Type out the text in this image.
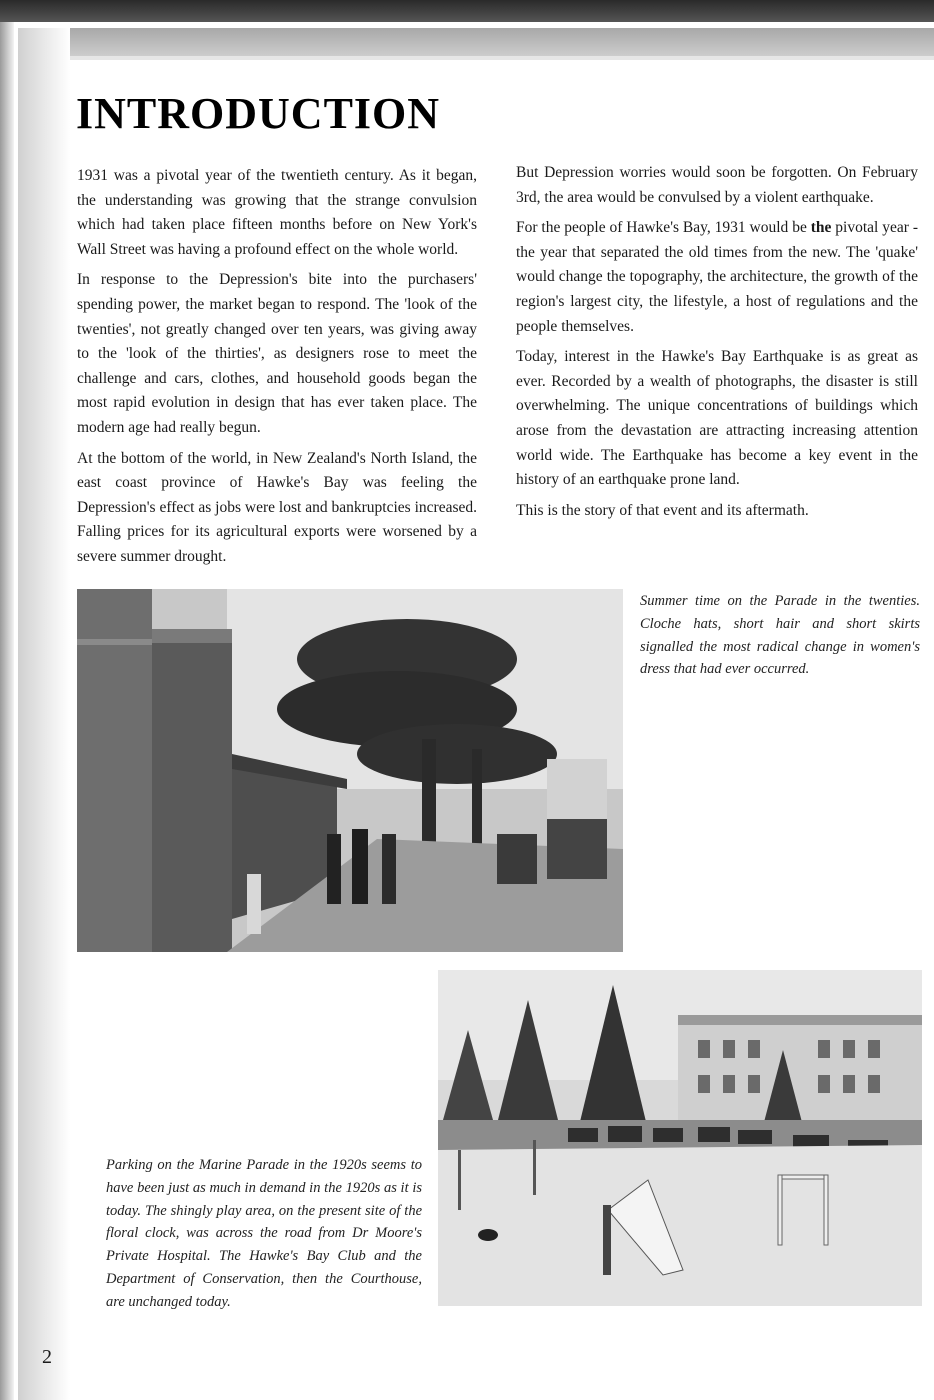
INTRODUCTION

1931 was a pivotal year of the twentieth century. As it began, the understanding was growing that the strange convulsion which had taken place fifteen months before on New York's Wall Street was having a profound effect on the whole world.

In response to the Depression's bite into the purchasers' spending power, the market began to respond. The 'look of the twenties', not greatly changed over ten years, was giving away to the 'look of the thirties', as designers rose to meet the challenge and cars, clothes, and household goods began the most rapid evolution in design that has ever taken place. The modern age had really begun.

At the bottom of the world, in New Zealand's North Island, the east coast province of Hawke's Bay was feeling the Depression's effect as jobs were lost and bankruptcies increased. Falling prices for its agricultural exports were worsened by a severe summer drought.

But Depression worries would soon be forgotten. On February 3rd, the area would be convulsed by a violent earthquake.

For the people of Hawke's Bay, 1931 would be the pivotal year - the year that separated the old times from the new. The 'quake' would change the topography, the architecture, the growth of the region's largest city, the lifestyle, a host of regulations and the people themselves.

Today, interest in the Hawke's Bay Earthquake is as great as ever. Recorded by a wealth of photographs, the disaster is still overwhelming. The unique concentrations of buildings which arose from the devastation are attracting increasing attention world wide. The Earthquake has become a key event in the history of an earthquake prone land.

This is the story of that event and its aftermath.

Summer time on the Parade in the twenties. Cloche hats, short hair and short skirts signalled the most radical change in women's dress that had ever occurred.
Parking on the Marine Parade in the 1920s seems to have been just as much in demand in the 1920s as it is today. The shingly play area, on the present site of the floral clock, was across the road from Dr Moore's Private Hospital. The Hawke's Bay Club and the Department of Conservation, then the Courthouse, are unchanged today.
2
